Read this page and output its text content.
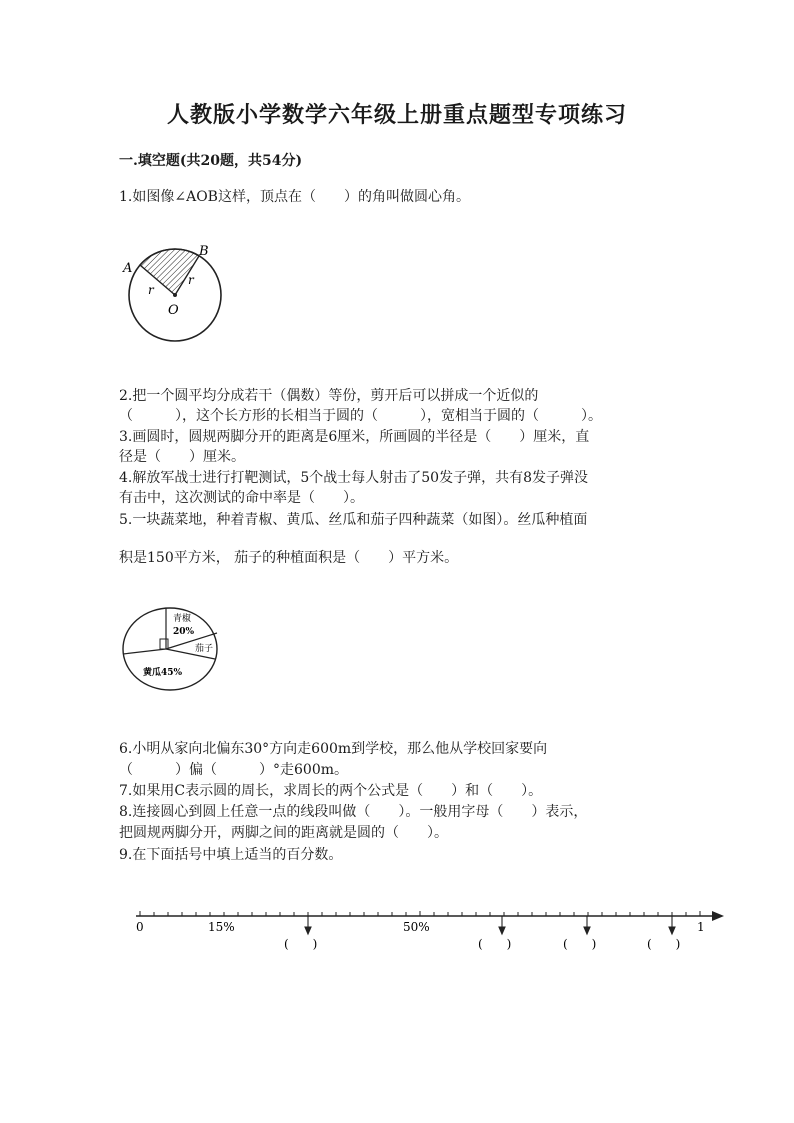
人教版小学数学六年级上册重点题型专项练习
一.填空题(共20题，共54分)
1.如图像∠AOB这样，顶点在（　　）的角叫做圆心角。
A
B
O
r
r
2.把一个圆平均分成若干（偶数）等份，剪开后可以拼成一个近似的
（　　　），这个长方形的长相当于圆的（　　　），宽相当于圆的（　　　）。
3.画圆时，圆规两脚分开的距离是6厘米，所画圆的半径是（　　）厘米，直
径是（　　）厘米。
4.解放军战士进行打靶测试，5个战士每人射击了50发子弹，共有8发子弹没
有击中，这次测试的命中率是（　　）。
5.一块蔬菜地，种着青椒、黄瓜、丝瓜和茄子四种蔬菜（如图）。丝瓜种植面
积是150平方米， 茄子的种植面积是（　　）平方米。
青椒
20%
茄子
黄瓜45%
6.小明从家向北偏东30°方向走600m到学校，那么他从学校回家要向
（　　　）偏（　　　）°走600m。
7.如果用C表示圆的周长，求周长的两个公式是（　　）和（　　）。
8.连接圆心到圆上任意一点的线段叫做（　　）。一般用字母（　　）表示，
把圆规两脚分开，两脚之间的距离就是圆的（　　）。
9.在下面括号中填上适当的百分数。
0	15%	50%	1
(　　)	(　　)	(　　)	(　　)
